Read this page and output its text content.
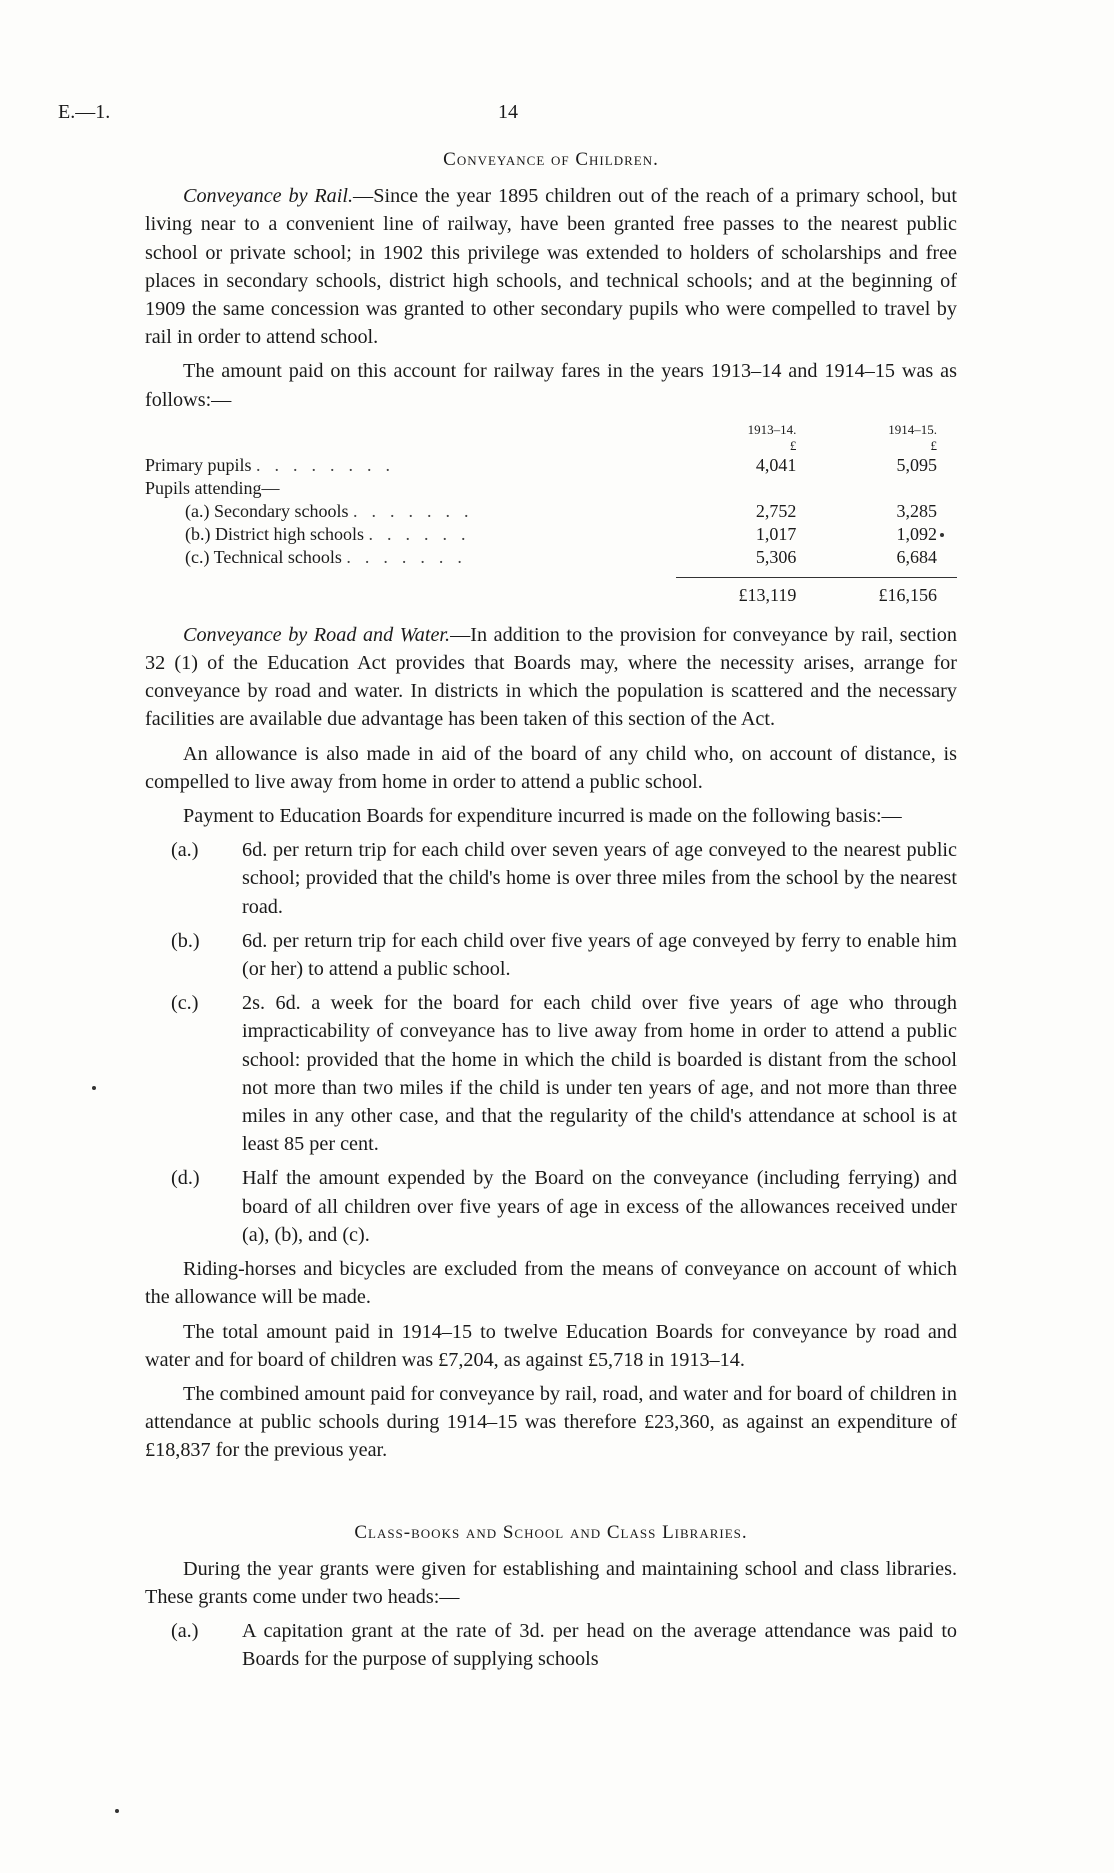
E.—1.	14
Conveyance of Children.

Conveyance by Rail.—Since the year 1895 children out of the reach of a primary school, but living near to a convenient line of railway, have been granted free passes to the nearest public school or private school; in 1902 this privilege was extended to holders of scholarships and free places in secondary schools, district high schools, and technical schools; and at the beginning of 1909 the same concession was granted to other secondary pupils who were compelled to travel by rail in order to attend school.

The amount paid on this account for railway fares in the years 1913–14 and 1914–15 was as follows:—

	1913–14.	1914–15.
	£	£
Primary pupils ........	4,041	5,095
Pupils attending—		
(a.) Secondary schools .......	2,752	3,285
(b.) District high schools ......	1,017	1,092
(c.) Technical schools .......	5,306	6,684

	£13,119	£16,156

Conveyance by Road and Water.—In addition to the provision for conveyance by rail, section 32 (1) of the Education Act provides that Boards may, where the necessity arises, arrange for conveyance by road and water. In districts in which the population is scattered and the necessary facilities are available due advantage has been taken of this section of the Act.

An allowance is also made in aid of the board of any child who, on account of distance, is compelled to live away from home in order to attend a public school.

Payment to Education Boards for expenditure incurred is made on the following basis:—

(a.)	6d. per return trip for each child over seven years of age conveyed to the nearest public school; provided that the child's home is over three miles from the school by the nearest road.
(b.)	6d. per return trip for each child over five years of age conveyed by ferry to enable him (or her) to attend a public school.
(c.)	2s. 6d. a week for the board for each child over five years of age who through impracticability of conveyance has to live away from home in order to attend a public school: provided that the home in which the child is boarded is distant from the school not more than two miles if the child is under ten years of age, and not more than three miles in any other case, and that the regularity of the child's attendance at school is at least 85 per cent.
(d.)	Half the amount expended by the Board on the conveyance (including ferrying) and board of all children over five years of age in excess of the allowances received under (a), (b), and (c).

Riding-horses and bicycles are excluded from the means of conveyance on account of which the allowance will be made.

The total amount paid in 1914–15 to twelve Education Boards for conveyance by road and water and for board of children was £7,204, as against £5,718 in 1913–14.

The combined amount paid for conveyance by rail, road, and water and for board of children in attendance at public schools during 1914–15 was therefore £23,360, as against an expenditure of £18,837 for the previous year.

Class-books and School and Class Libraries.

During the year grants were given for establishing and maintaining school and class libraries. These grants come under two heads:—

(a.)	A capitation grant at the rate of 3d. per head on the average attendance was paid to Boards for the purpose of supplying schools
